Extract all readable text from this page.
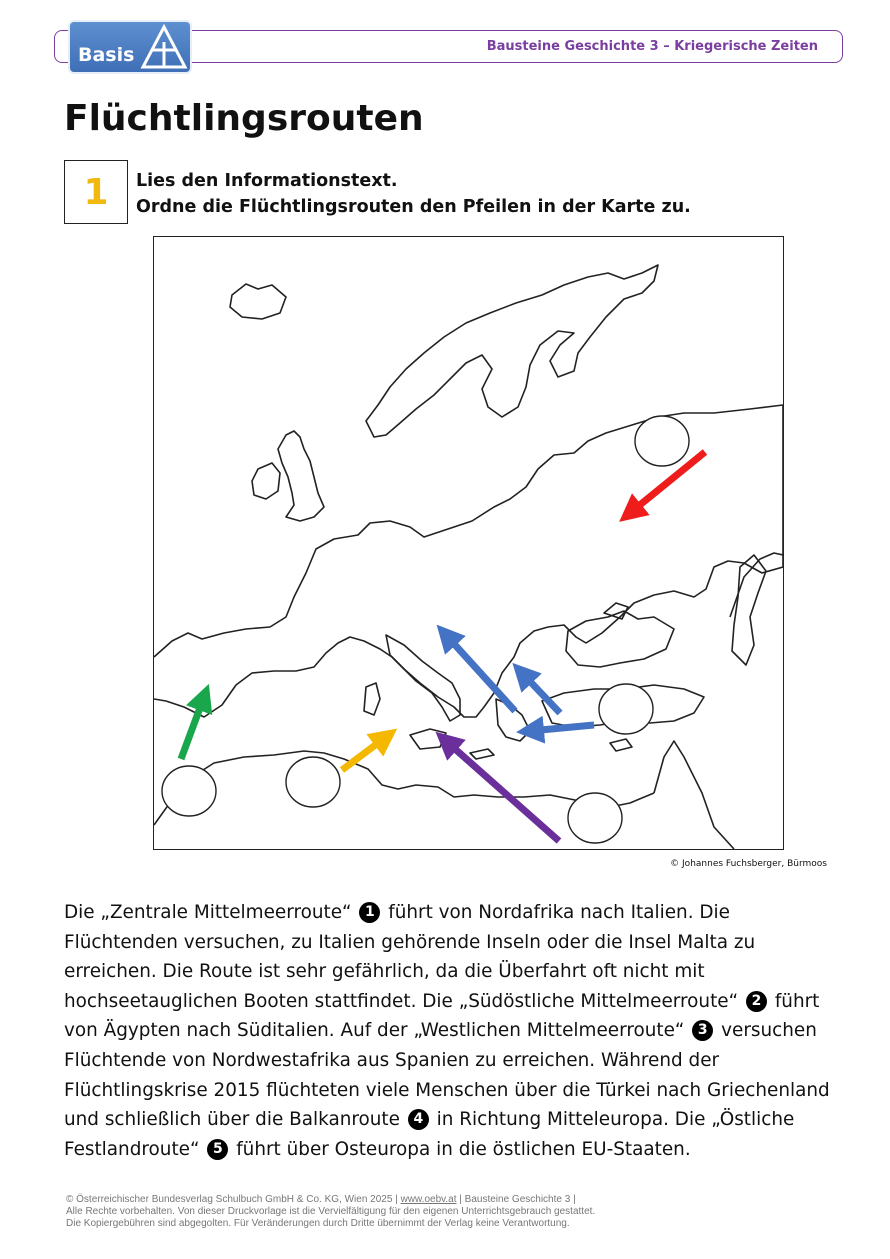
Bausteine Geschichte 3 – Kriegerische Zeiten
Basis
Flüchtlingsrouten
1	Lies den Informationstext.
Ordne die Flüchtlingsrouten den Pfeilen in der Karte zu.
© Johannes Fuchsberger, Bürmoos
Die „Zentrale Mittelmeerroute“ 1 führt von Nordafrika nach Italien. Die
Flüchtenden versuchen, zu Italien gehörende Inseln oder die Insel Malta zu
erreichen. Die Route ist sehr gefährlich, da die Überfahrt oft nicht mit
hochseetauglichen Booten stattfindet. Die „Südöstliche Mittelmeerroute“ 2 führt
von Ägypten nach Süditalien. Auf der „Westlichen Mittelmeerroute“ 3 versuchen
Flüchtende von Nordwestafrika aus Spanien zu erreichen. Während der
Flüchtlingskrise 2015 flüchteten viele Menschen über die Türkei nach Griechenland
und schließlich über die Balkanroute 4 in Richtung Mitteleuropa. Die „Östliche
Festlandroute“ 5 führt über Osteuropa in die östlichen EU-Staaten.
© Österreichischer Bundesverlag Schulbuch GmbH & Co. KG, Wien 2025 | www.oebv.at | Bausteine Geschichte 3 |
Alle Rechte vorbehalten. Von dieser Druckvorlage ist die Vervielfältigung für den eigenen Unterrichtsgebrauch gestattet.
Die Kopiergebühren sind abgegolten. Für Veränderungen durch Dritte übernimmt der Verlag keine Verantwortung.
